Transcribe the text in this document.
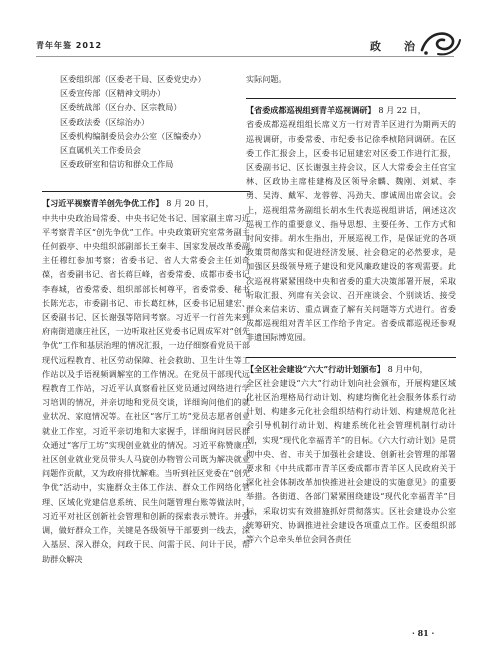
青年年鉴 2012	政　治

区委组织部（区委老干局、区委党史办）

区委宣传部（区精神文明办）

区委统战部（区台办、区宗教局）

区委政法委（区综治办）

区委机构编制委员会办公室（区编委办）

区直属机关工作委员会

区委政研室和信访和群众工作局

【习近平视察青羊创先争优工作】 8 月 20 日，

中共中央政治局常委、中央书记处书记、国家副主席习近平考察青羊区“创先争优”工作。中央政策研究室常务副主任何毅亭、中央组织部副部长王秦丰、国家发展改革委副主任穆红参加考察；省委书记、省人大常委会主任刘奇葆，省委副书记、省长蒋巨峰，省委常委、成都市委书记李春城，省委常委、组织部部长柯尊平，省委常委、秘书长陈光志，市委副书记、市长葛红林，区委书记屈建宏、区委副书记、区长谢强等陪同考察。习近平一行首先来到府南街道康庄社区，一边听取社区党委书记周成军对“创先争优”工作和基层治理的情况汇报，一边仔细察看党员干部现代远程教育、社区劳动保障、社会救助、卫生计生等工作站以及手语视频调解室的工作情况。在党员干部现代远程教育工作站，习近平认真察看社区党员通过网络进行学习培训的情况，并亲切地和党员交谈，详细询问他们的就业状况、家庭情况等。在社区“客厅工坊”党员志愿者创业就业工作室，习近平亲切地和大家握手，详细询问居民群众通过“客厅工坊”实现创业就业的情况。习近平称赞康庄社区创业就业党员带头人马旋创办物管公司既为解决就业问题作贡献，又为政府排忧解难。当听到社区党委在“创先争优”活动中，实施群众主体工作法、群众工作网络化管理、区域化党建信息系统、民生问题管理台账等做法时，习近平对社区创新社会管理和创新的探索表示赞许。并强调，做好群众工作，关键是各级领导干部要到一线去，深入基层、深入群众，问政于民、问需于民、问计于民，帮助群众解决

实际问题。

【省委成都巡视组到青羊巡视调研】 8 月 22 日，

省委成都巡视组组长席义方一行对青羊区进行为期两天的巡视调研，市委常委、市纪委书记徐季桢陪同调研。在区委工作汇报会上，区委书记屈建宏对区委工作进行汇报，区委副书记、区长谢强主持会议，区人大常委会主任宫宝林、区政协主席桂建梅及区领导余麟、魏刚、刘斌、李勇、吴涛、戴军、龙蓉蓉、冯劲夫、廖诚周出席会议。会上，巡视组常务副组长胡水生代表巡视组讲话，阐述这次巡视工作的重要意义、指导思想、主要任务、工作方式和时间安排。胡水生指出，开展巡视工作，是保证党的各项政策贯彻落实和促进经济发展、社会稳定的必然要求，是加强区县级领导班子建设和党风廉政建设的客观需要。此次巡视将紧紧围绕中央和省委的重大决策部署开展，采取听取汇报、列席有关会议、召开座谈会、个别谈话、接受群众来信来访、重点调查了解有关问题等方式进行。省委成都巡视组对青羊区工作给予肯定。省委成都巡视还参观非遗国际博览园。

【全区社会建设“六大”行动计划颁布】 8 月中旬，

全区社会建设“六大”行动计划向社会颁布，开展构建区域化社区治理格局行动计划、构建均衡化社会服务体系行动计划、构建多元化社会组织结构行动计划、构建规范化社会引导机制行动计划、构建系统化社会管理机制行动计划，实现“现代化幸福青羊”的目标。《六大行动计划》是贯彻中央、省、市关于加强社会建设、创新社会管理的部署要求和《中共成都市青羊区委成都市青羊区人民政府关于深化社会体制改革加快推进社会建设的实施意见》的重要举措。各街道、各部门紧紧围绕建设“现代化幸福青羊”目标，采取切实有效措施抓好贯彻落实。区社会建设办公室统筹研究、协调推进社会建设各项重点工作。区委组织部等六个总牵头单位会同各责任

· 81 ·
